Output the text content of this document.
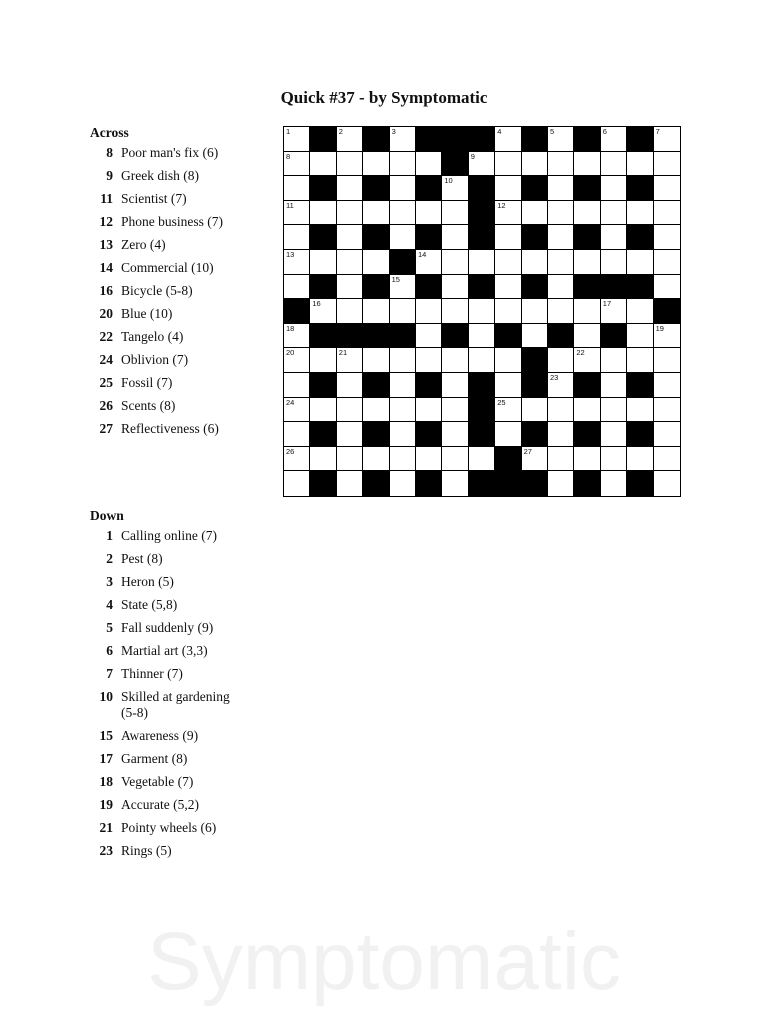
Quick #37 - by Symptomatic
Across
8 Poor man's fix (6)
9 Greek dish (8)
11 Scientist (7)
12 Phone business (7)
13 Zero (4)
14 Commercial (10)
16 Bicycle (5-8)
20 Blue (10)
22 Tangelo (4)
24 Oblivion (7)
25 Fossil (7)
26 Scents (8)
27 Reflectiveness (6)
Down
1 Calling online (7)
2 Pest (8)
3 Heron (5)
4 State (5,8)
5 Fall suddenly (9)
6 Martial art (3,3)
7 Thinner (7)
10 Skilled at gardening (5-8)
15 Awareness (9)
17 Garment (8)
18 Vegetable (7)
19 Accurate (5,2)
21 Pointy wheels (6)
23 Rings (5)
1	2	3	4	5	6	7
8	9
10
11	12
13	14
15
16	17
18	19
20	21	22
23
24	25
26	27
Symptomatic
